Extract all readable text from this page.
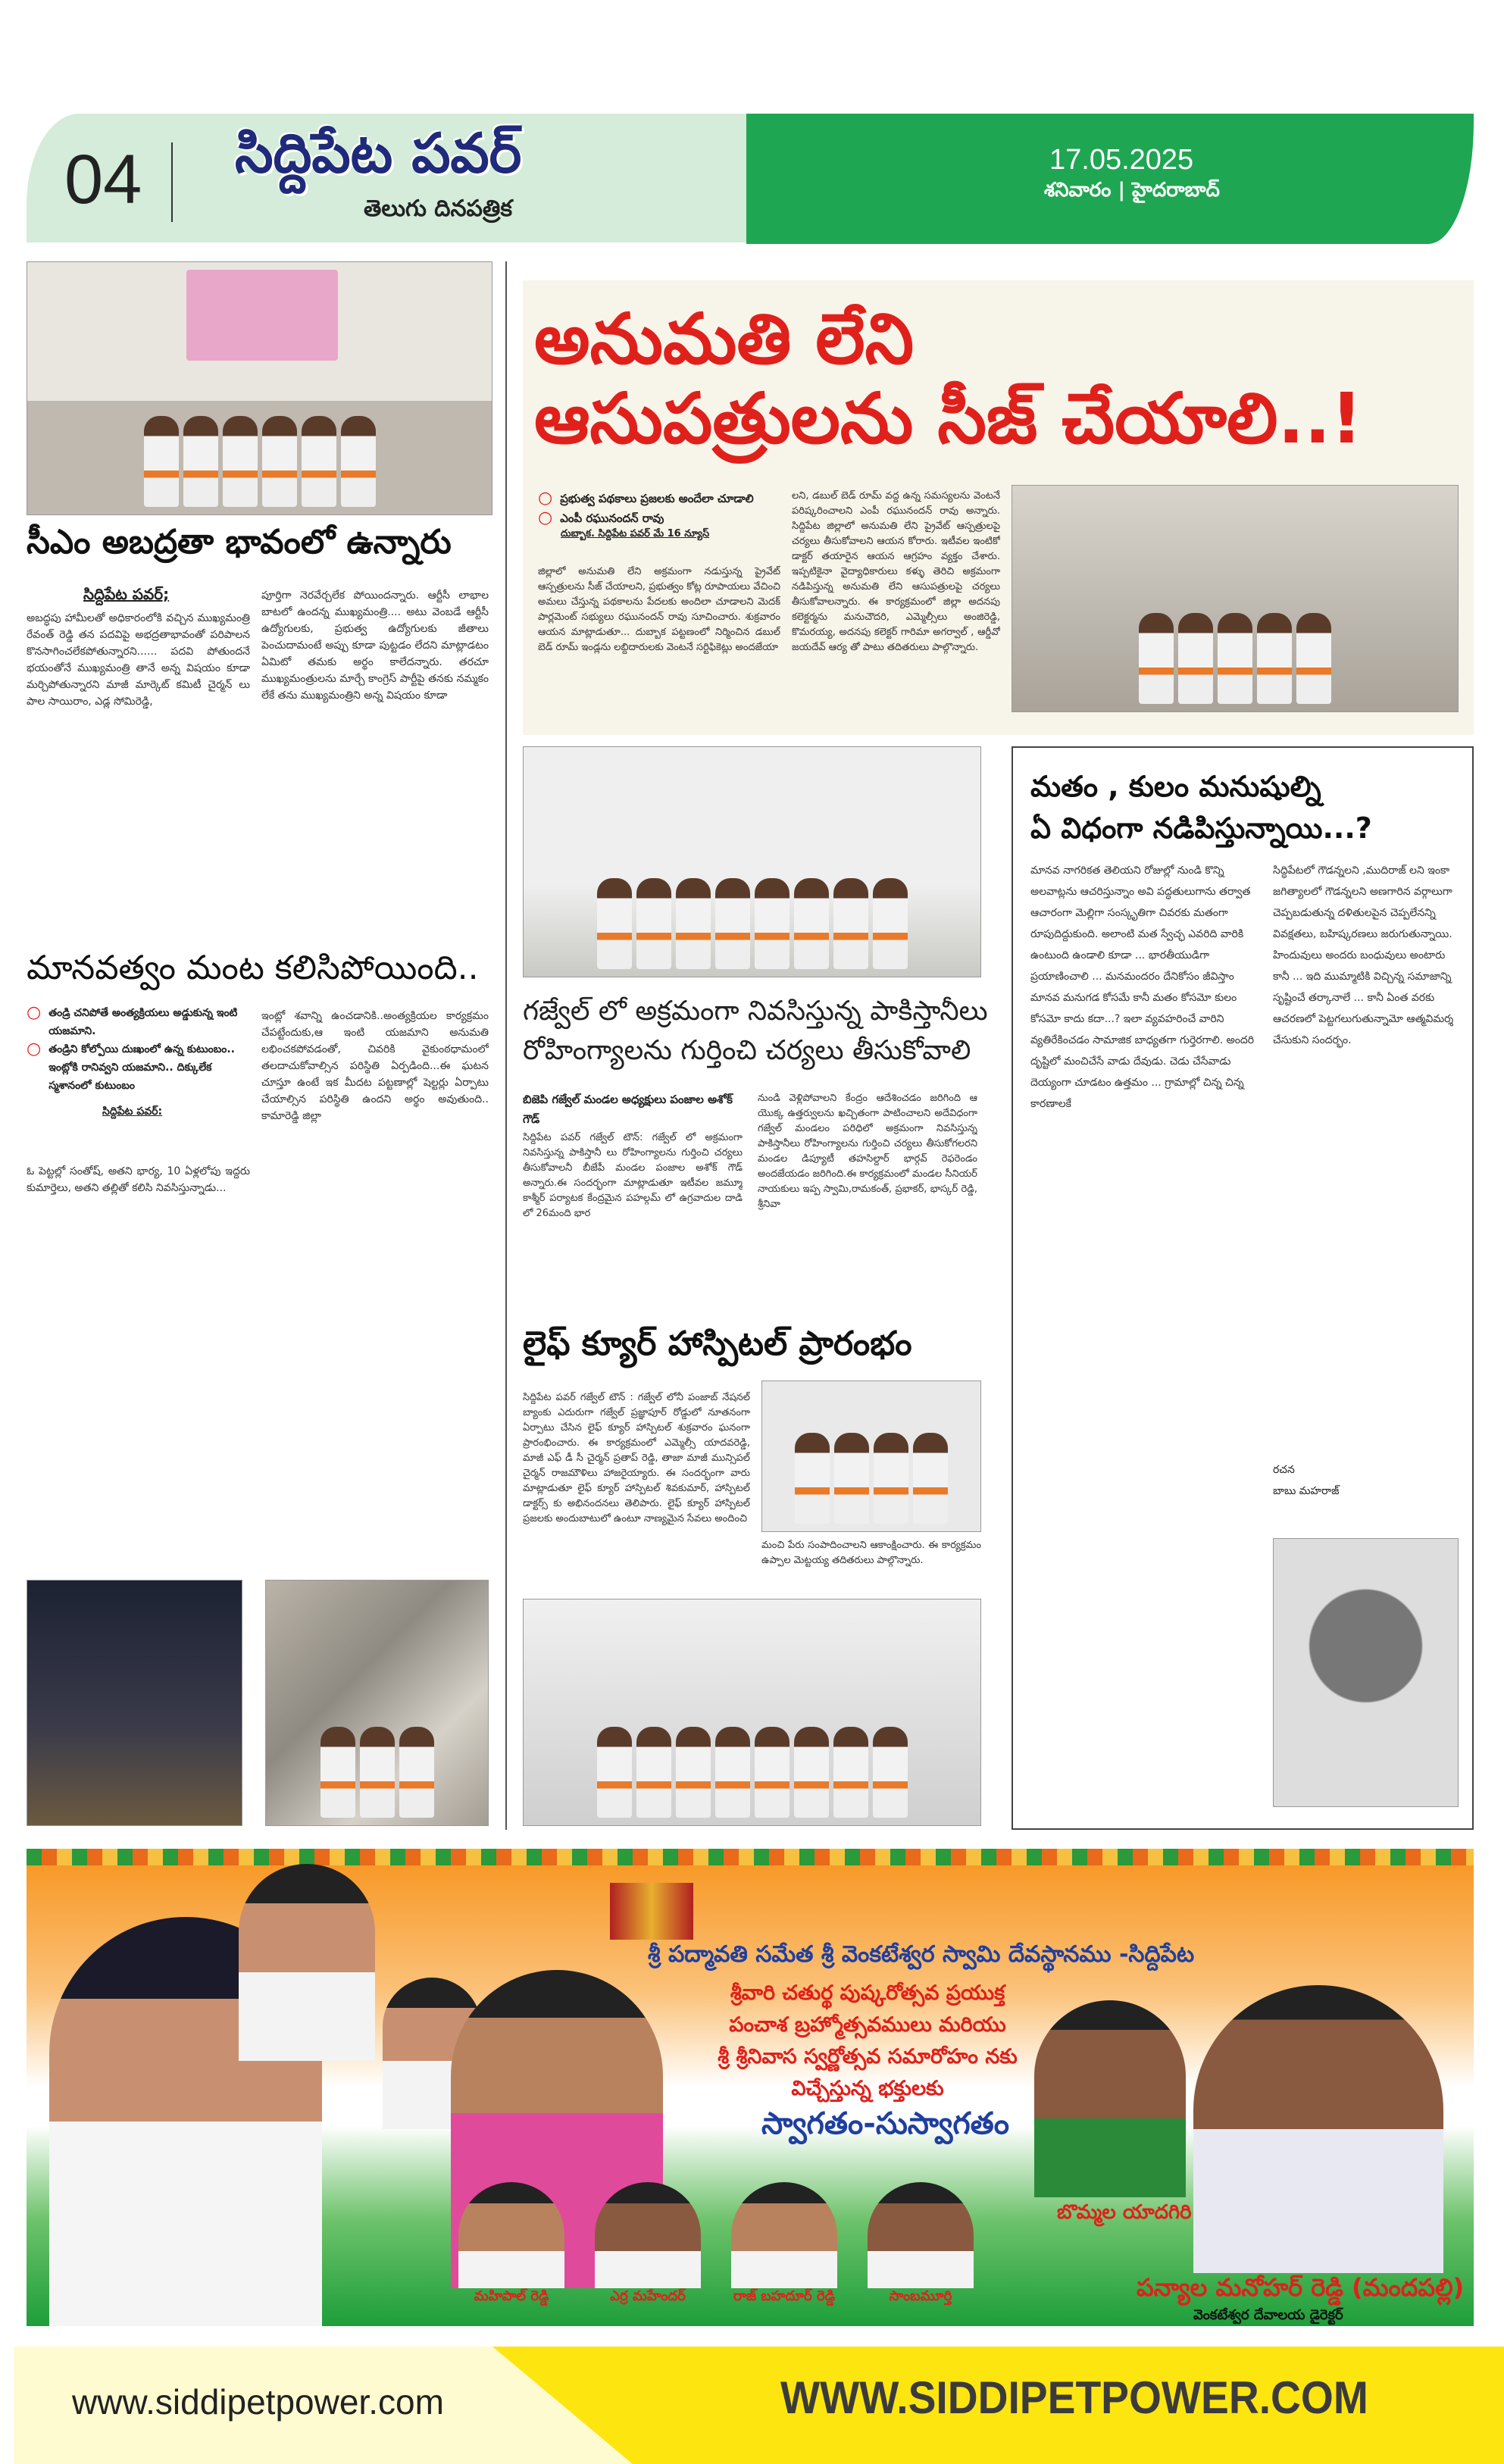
04 సిద్దిపేట పవర్
తెలుగు దినపత్రిక
17.05.2025
శనివారం | హైదరాబాద్
సీఎం అబద్రతా భావంలో ఉన్నారు
సిద్దిపేట పవర్;
అబద్ధపు హామీలతో అధికారంలోకి వచ్చిన ముఖ్యమంత్రి రేవంత్ రెడ్డి తన పదవిపై అభద్రతాభావంతో పరిపాలన కొనసాగించలేకపోతున్నారని...... పదవి పోతుందనే భయంతోనే ముఖ్యమంత్రి తానే అన్న విషయం కూడా మర్చిపోతున్నారని మాజీ మార్కెట్ కమిటీ చైర్మన్ లు పాల సాయిరాం, ఎడ్ల సోమిరెడ్డి,
పూర్తిగా నెరవేర్చలేక పోయిందన్నారు. ఆర్టీసీ లాభాల బాటలో ఉందన్న ముఖ్యమంత్రి.... అటు వెంబడే ఆర్టీసీ ఉద్యోగులకు, ప్రభుత్వ ఉద్యోగులకు జీతాలు పెంచుదామంటే అప్పు కూడా పుట్టడం లేదని మాట్లాడటం ఏమిటో తమకు అర్థం కాలేదన్నారు. తరచూ ముఖ్యమంత్రులను మార్చే కాంగ్రెస్ పార్టీపై తనకు నమ్మకం లేకే తను ముఖ్యమంత్రిని అన్న విషయం కూడా
మానవత్వం మంట కలిసిపోయింది..
○ తండ్రి చనిపోతే అంత్యక్రియలు అడ్డుకున్న ఇంటి యజమాని.
○ తండ్రిని కోల్పోయి దుఃఖంలో ఉన్న కుటుంబం.. ఇంట్లోకి రానివ్వని యజమాని.. దిక్కులేక స్మశానంలో కుటుంబం
సిద్దిపేట పవర్:
ఓ పెట్టల్లో సంతోష్, అతని భార్య, 10 ఏళ్లలోపు ఇద్దరు కుమార్తెలు, అతని తల్లితో కలిసి నివసిస్తున్నాడు...
ఇంట్లో శవాన్ని ఉంచడానికి..అంత్యక్రియల కార్యక్రమం చేపట్టేందుకు,ఆ ఇంటి యజమాని అనుమతి లభించకపోవడంతో, చివరికి వైకుంఠధామంలో తలదాచుకోవాల్సిన పరిస్థితి ఏర్పడింది...ఈ ఘటన చూస్తూ ఉంటే ఇక మీదట పట్టణాల్లో షెల్టర్లు ఏర్పాటు చేయాల్సిన పరిస్థితి ఉందని అర్థం అవుతుంది.. కామారెడ్డి జిల్లా
అనుమతి లేని
ఆసుపత్రులను సీజ్ చేయాలి..!
○ ప్రభుత్వ పథకాలు ప్రజలకు అందేలా చూడాలి
○ ఎంపీ రఘునందన్ రావు
దుబ్బాక. సిద్దిపేట పవర్ మే 16 న్యూస్
జిల్లాలో అనుమతి లేని అక్రమంగా నడుస్తున్న ప్రైవేట్ ఆస్పత్రులను సీజ్ చేయాలని, ప్రభుత్వం కోట్ల రూపాయలు వేచించి అమలు చేస్తున్న పథకాలను పేదలకు అందిలా చూడాలని మెదక్ పార్లమెంట్ సభ్యులు రఘునందన్ రావు సూచించారు. శుక్రవారం ఆయన మాట్లాడుతూ... దుబ్బాక పట్టణంలో నిర్మించిన డబుల్ బెడ్ రూమ్ ఇండ్లను లబ్దిదారులకు వెంటనే సర్టిఫికెట్లు అందజేయా
లని, డబుల్ బెడ్ రూమ్ వద్ద ఉన్న సమస్యలను వెంటనే పరిష్కరించాలని ఎంపీ రఘునందన్ రావు అన్నారు. సిద్దిపేట జిల్లాలో అనుమతి లేని ప్రైవేట్ ఆస్పత్రులపై చర్యలు తీసుకోవాలని ఆయన కోరారు. ఇటీవల ఇంటికో డాక్టర్ తయారైన ఆయన ఆగ్రహం వ్యక్తం చేశారు. ఇప్పటికైనా వైద్యాధికారులు కళ్ళు తెరిచి అక్రమంగా నడిపిస్తున్న అనుమతి లేని ఆసుపత్రులపై చర్యలు తీసుకోవాలన్నారు. ఈ కార్యక్రమంలో జిల్లా అదనపు కలెక్టర్మను మనుచౌదరి, ఎమ్మెల్సీలు అంజిరెడ్డి, కొమరయ్య, అదనపు కలెక్టర్ గారిమా అగర్వాల్ , ఆర్డీవో జయదేవ్ ఆర్య తో పాటు తదితరులు పాల్గొన్నారు.
గజ్వేల్ లో అక్రమంగా నివసిస్తున్న పాకిస్తానీలు
రోహింగ్యాలను గుర్తించి చర్యలు తీసుకోవాలి
బిజెపి గజ్వేల్ మండల అధ్యక్షులు పంజాల అశోక్ గౌడ్
సిద్దిపేట పవర్ గజ్వేల్ టౌన్: గజ్వేల్ లో అక్రమంగా నివసిస్తున్న పాకిస్తానీ లు రోహింగ్యాలను గుర్తించి చర్యలు తీసుకోవాలనీ బీజేపీ మండల పంజాల అశోక్ గౌడ్ అన్నారు.ఈ సందర్భంగా మాట్లాడుతూ ఇటీవల జమ్మూ కాశ్మీర్ పర్యాటక కేంద్రమైన పహల్గమ్ లో ఉగ్రవాదుల దాడి లో 26మంది భార
నుండి వెళ్లిపోవాలని కేంద్రం ఆదేశించడం జరిగింది ఆ యొక్క ఉత్తర్వులను ఖచ్చితంగా పాటించాలని అదేవిధంగా గజ్వేల్ మండలం పరిధిలో అక్రమంగా నివసిస్తున్న పాకిస్తానీలు రోహింగ్యాలను గుర్తించి చర్యలు తీసుకోగలరని మండల డిప్యూటీ తహసిల్దార్ భార్గవ్ రెఫరెండం అందజేయడం జరిగింది.ఈ కార్యక్రమంలో మండల సీనియర్ నాయకులు ఇప్ప స్వామి,రామకంత్, ప్రభాకర్, భాస్కర్ రెడ్డి, శ్రీనివా
లైఫ్ క్యూర్ హాస్పిటల్ ప్రారంభం
సిద్దిపేట పవర్ గజ్వేల్ టౌన్ : గజ్వేల్ లోనీ పంజాబ్ నేషనల్ బ్యాంకు ఎదురుగా గజ్వేల్ ప్రజ్ఞాపూర్ రోడ్డులో నూతనంగా ఏర్పాటు చేసిన లైఫ్ క్యూర్ హాస్పిటల్ శుక్రవారం ఘనంగా ప్రారంభించారు. ఈ కార్యక్రమంలో ఎమ్మెల్సీ యాదవరెడ్డి, మాజీ ఎఫ్ డీ సీ చైర్మన్ ప్రతాప్ రెడ్డి, తాజా మాజీ మున్సిపల్ చైర్మన్ రాజమౌళిలు హాజరైయ్యారు. ఈ సందర్భంగా వారు మాట్లాడుతూ లైఫ్ క్యూర్ హాస్పిటల్ శివకుమార్, హాస్పిటల్ డాక్టర్స్ కు అభినందనలు తెలిపారు. లైఫ్ క్యూర్ హాస్పిటల్ ప్రజలకు అందుబాటులో ఉంటూ నాణ్యమైన సేవలు అందించి
మంచి పేరు సంపాదించాలని ఆకాంక్షించారు. ఈ కార్యక్రమం ఉప్పాల మెట్టయ్య తదితరులు పాల్గొన్నారు.
మతం , కులం మనుషుల్ని
ఏ విధంగా నడిపిస్తున్నాయి...?
మానవ నాగరికత తెలియని రోజుల్లో నుండి కొన్ని అలవాట్లను ఆచరిస్తున్నాం అవి పద్ధతులుగాను తర్వాత ఆచారంగా మెల్లిగా సంస్కృతిగా చివరకు మతంగా రూపుదిద్దుకుంది. అలాంటి మత స్వేచ్ఛ ఎవరిది వారికి ఉంటుంది ఉండాలి కూడా ... భారతీయుడిగా ప్రయాణించాలి ... మనమందరం దేనికోసం జీవిస్తాం మానవ మనుగడ కోసమే కానీ మతం కోసమో కులం కోసమో కాదు కదా...? ఇలా వ్యవహరించే వారిని వ్యతిరేకించడం సామాజిక బాధ్యతగా గుర్తెరగాలి. అందరి దృష్టిలో మంచిచేసే వాడు దేవుడు. చెడు చేసేవాడు దెయ్యంగా చూడటం ఉత్తమం ... గ్రామాల్లో చిన్న చిన్న కారణాలకే
సిద్ధిపేటలో గౌడన్నలని ,ముదిరాజ్ లని ఇంకా జగిత్యాలలో గౌడన్నలని అణగారిన వర్గాలుగా చెప్పబడుతున్న దళితులపైన చెప్పలేనన్ని వివక్షతలు, బహిష్కరణలు జరుగుతున్నాయి. హిందువులు అందరు బంధువులు అంటారు కానీ ... ఇది ముమ్మాటికి విచ్చిన్న సమాజాన్ని సృష్టించే తర్కానాలే ... కానీ ఏంత వరకు ఆచరణలో పెట్టగలుగుతున్నామో ఆత్మవిమర్శ చేసుకుని సందర్భం.
రచన
బాబు మహరాజ్
శ్రీ పద్మావతి సమేత శ్రీ వెంకటేశ్వర స్వామి దేవస్థానము -సిద్దిపేట
శ్రీవారి చతుర్థ పుష్కరోత్సవ ప్రయుక్త
పంచాశ బ్రహ్మోత్సవములు మరియు
శ్రీ శ్రీనివాస స్వర్ణోత్సవ సమారోహం నకు
విచ్చేస్తున్న భక్తులకు
స్వాగతం-సుస్వాగతం
బొమ్మల యాదగిరి
పన్యాల మనోహర్ రెడ్డి (మందపల్లి)
వెంకటేశ్వర దేవాలయ డైరెక్టర్
మహిపాల్ రెడ్డి	ఎర్ర మహేందర్	రాజ్ బహదూర్ రెడ్డి	సాంబమూర్తి
www.siddipetpower.com	WWW.SIDDIPETPOWER.COM
